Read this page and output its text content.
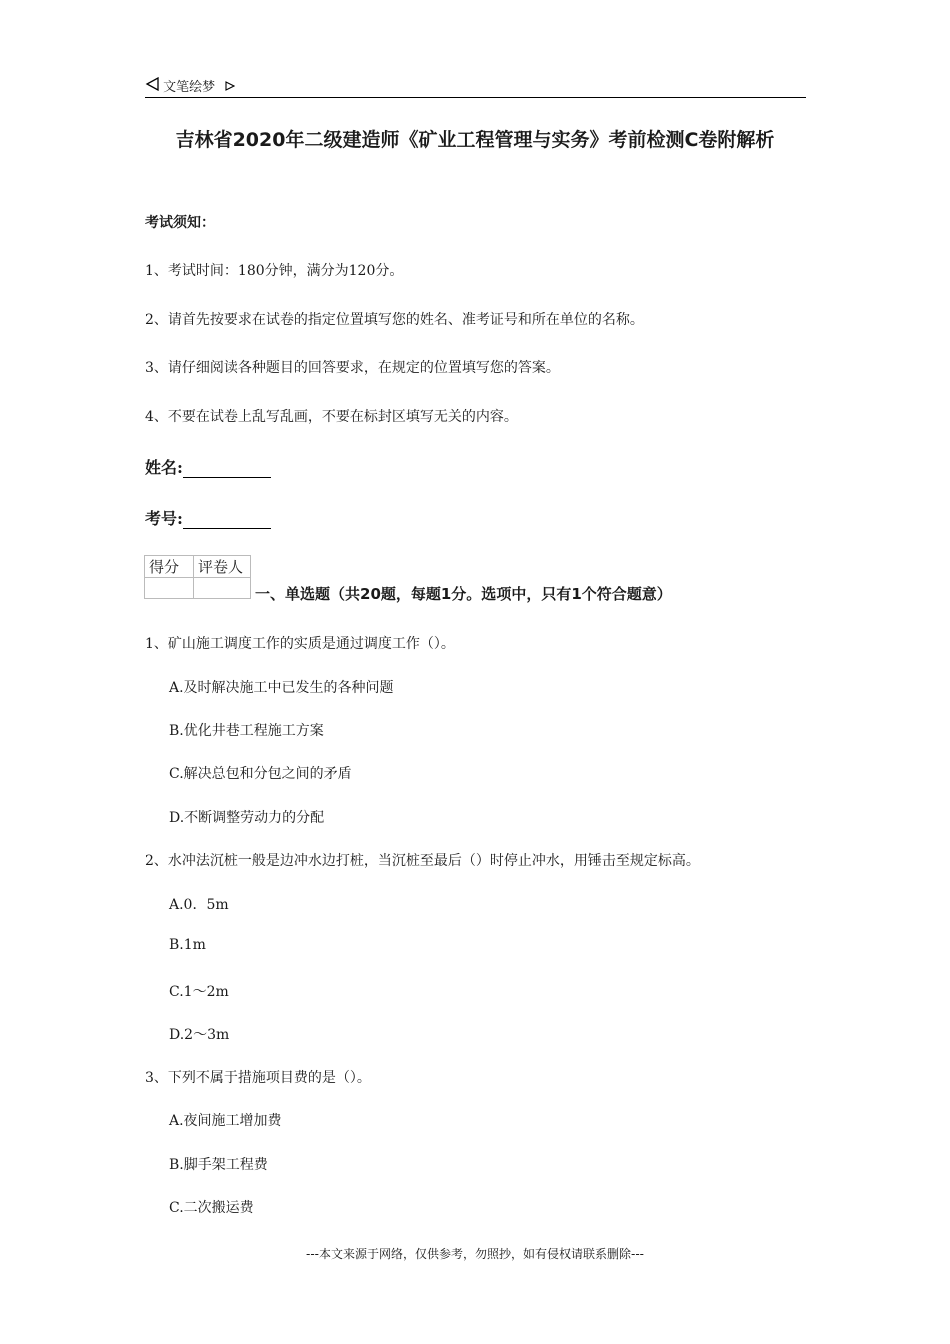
文笔绘梦
吉林省2020年二级建造师《矿业工程管理与实务》考前检测C卷附解析
考试须知：
1、考试时间：180分钟，满分为120分。
2、请首先按要求在试卷的指定位置填写您的姓名、准考证号和所在单位的名称。
3、请仔细阅读各种题目的回答要求，在规定的位置填写您的答案。
4、不要在试卷上乱写乱画，不要在标封区填写无关的内容。
姓名:
考号:
得分	评卷人

一、单选题（共20题，每题1分。选项中，只有1个符合题意）
1、矿山施工调度工作的实质是通过调度工作（）。
A.及时解决施工中已发生的各种问题
B.优化井巷工程施工方案
C.解决总包和分包之间的矛盾
D.不断调整劳动力的分配
2、水冲法沉桩一般是边冲水边打桩，当沉桩至最后（）时停止冲水，用锤击至规定标高。
A.0．5m
B.1m
C.1～2m
D.2～3m
3、下列不属于措施项目费的是（）。
A.夜间施工增加费
B.脚手架工程费
C.二次搬运费
---本文来源于网络，仅供参考，勿照抄，如有侵权请联系删除---
